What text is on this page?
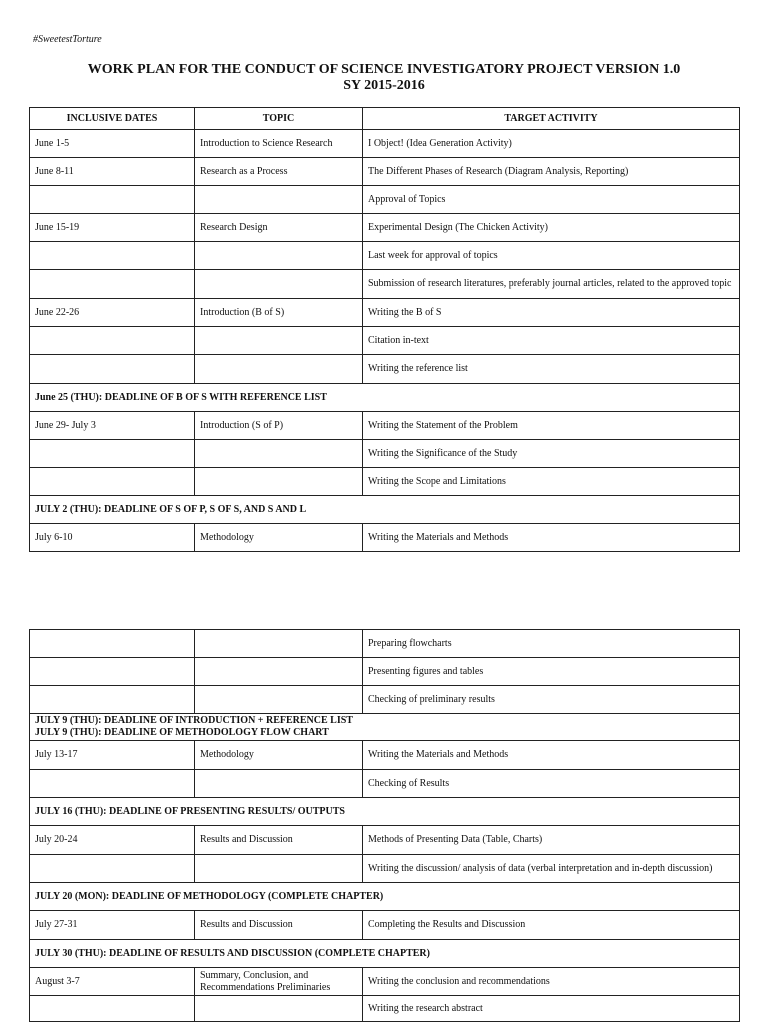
#SweetestTorture
WORK PLAN FOR THE CONDUCT OF SCIENCE INVESTIGATORY PROJECT VERSION 1.0
SY 2015-2016
INCLUSIVE DATES	TOPIC	TARGET ACTIVITY
June 1-5	Introduction to Science Research	I Object! (Idea Generation Activity)
June 8-11	Research as a Process	The Different Phases of Research (Diagram Analysis, Reporting)
		Approval of Topics
June 15-19	Research Design	Experimental Design (The Chicken Activity)
		Last week for approval of topics
		Submission of research literatures, preferably journal articles, related to the approved topic
June 22-26	Introduction (B of S)	Writing the B of S
		Citation in-text
		Writing the reference list

June 25 (THU): DEADLINE OF B OF S WITH REFERENCE LIST		

June 29- July 3	Introduction (S of P)	Writing the Statement of the Problem
		Writing the Significance of the Study
		Writing the Scope and Limitations

JULY 2 (THU): DEADLINE OF S OF P, S OF S, AND S AND L		

July 6-10	Methodology	Writing the Materials and Methods
		Preparing flowcharts
		Presenting figures and tables
		Checking of preliminary results

JULY 9 (THU): DEADLINE OF INTRODUCTION + REFERENCE LIST
JULY 9 (THU): DEADLINE OF METHODOLOGY FLOW CHART		

July 13-17	Methodology	Writing the Materials and Methods
		Checking of Results

JULY 16 (THU): DEADLINE OF PRESENTING RESULTS/ OUTPUTS		

July 20-24	Results and Discussion	Methods of Presenting Data (Table, Charts)
		Writing the discussion/ analysis of data (verbal interpretation and in-depth discussion)

JULY 20 (MON): DEADLINE OF METHODOLOGY (COMPLETE CHAPTER)		

July 27-31	Results and Discussion	Completing the Results and Discussion

JULY 30 (THU): DEADLINE OF RESULTS AND DISCUSSION (COMPLETE CHAPTER)		

August 3-7	Summary, Conclusion, and Recommendations Preliminaries	Writing the conclusion and recommendations
		Writing the research abstract
